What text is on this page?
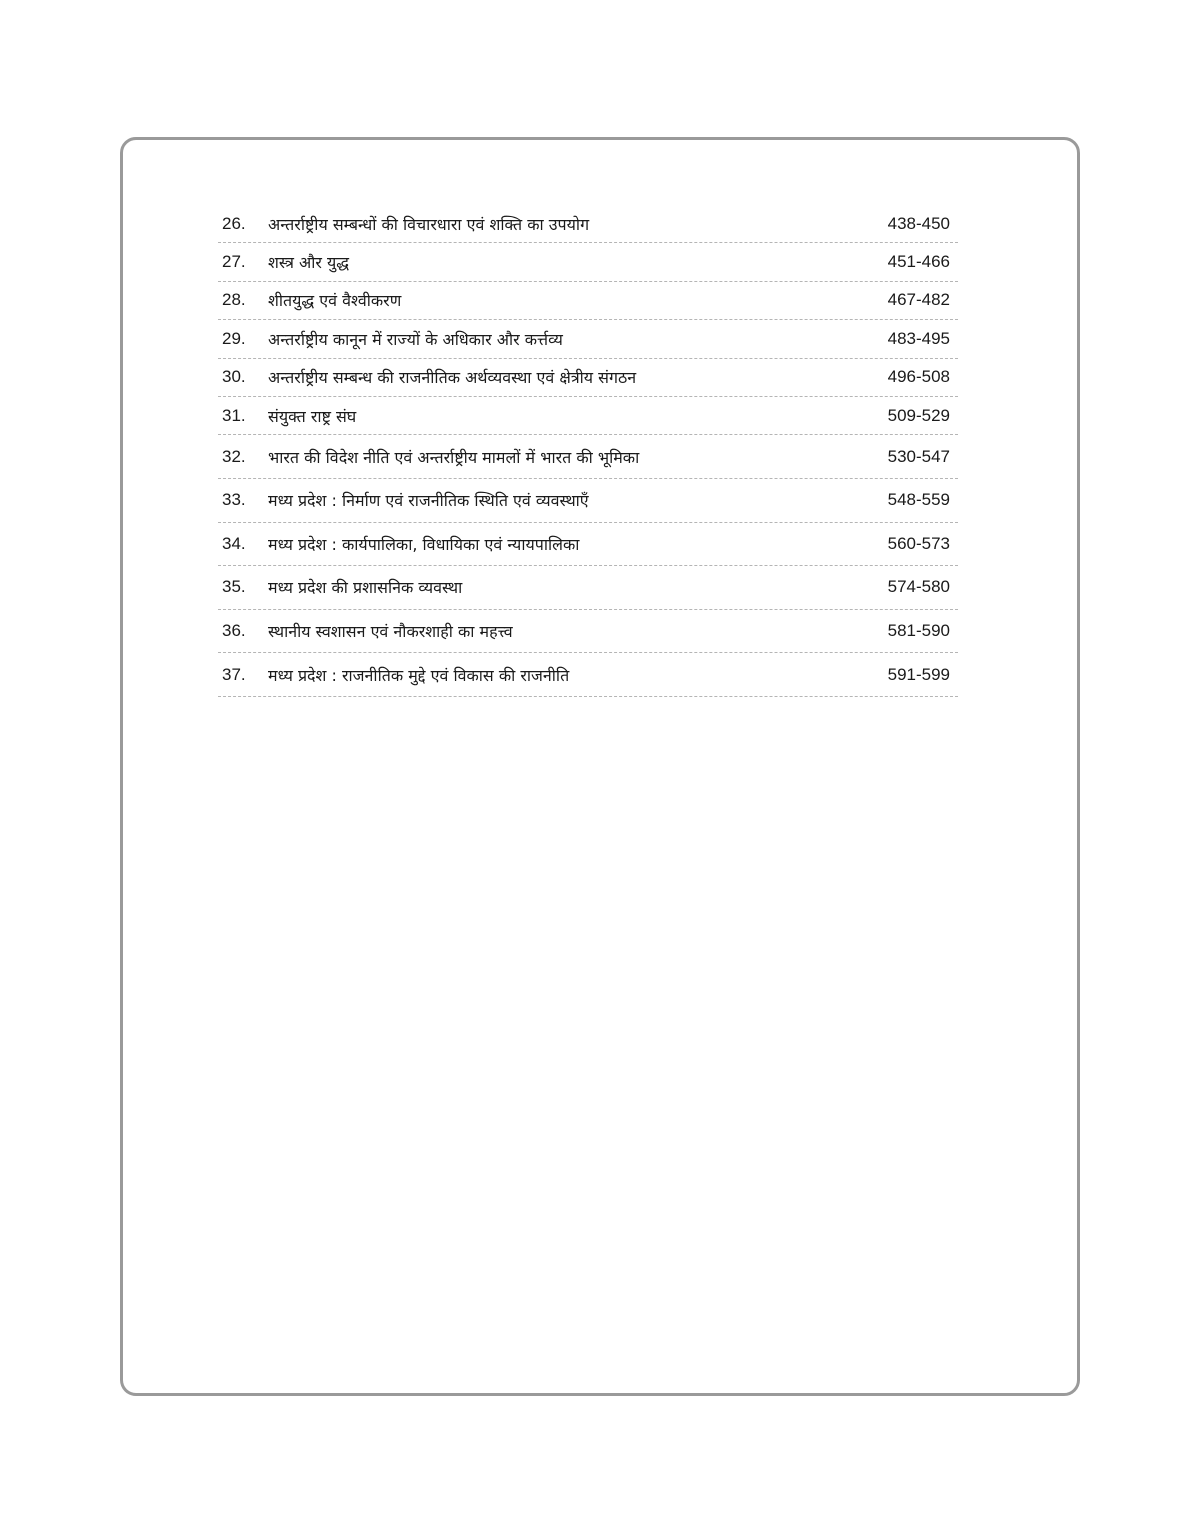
26.	अन्तर्राष्ट्रीय सम्बन्धों की विचारधारा एवं शक्ति का उपयोग	438-450
27.	शस्त्र और युद्ध	451-466
28.	शीतयुद्ध एवं वैश्वीकरण	467-482
29.	अन्तर्राष्ट्रीय कानून में राज्यों के अधिकार और कर्त्तव्य	483-495
30.	अन्तर्राष्ट्रीय सम्बन्ध की राजनीतिक अर्थव्यवस्था एवं क्षेत्रीय संगठन	496-508
31.	संयुक्त राष्ट्र संघ	509-529
32.	भारत की विदेश नीति एवं अन्तर्राष्ट्रीय मामलों में भारत की भूमिका	530-547
33.	मध्य प्रदेश : निर्माण एवं राजनीतिक स्थिति एवं व्यवस्थाएँ	548-559
34.	मध्य प्रदेश : कार्यपालिका, विधायिका एवं न्यायपालिका	560-573
35.	मध्य प्रदेश की प्रशासनिक व्यवस्था	574-580
36.	स्थानीय स्वशासन एवं नौकरशाही का महत्त्व	581-590
37.	मध्य प्रदेश : राजनीतिक मुद्दे एवं विकास की राजनीति	591-599
